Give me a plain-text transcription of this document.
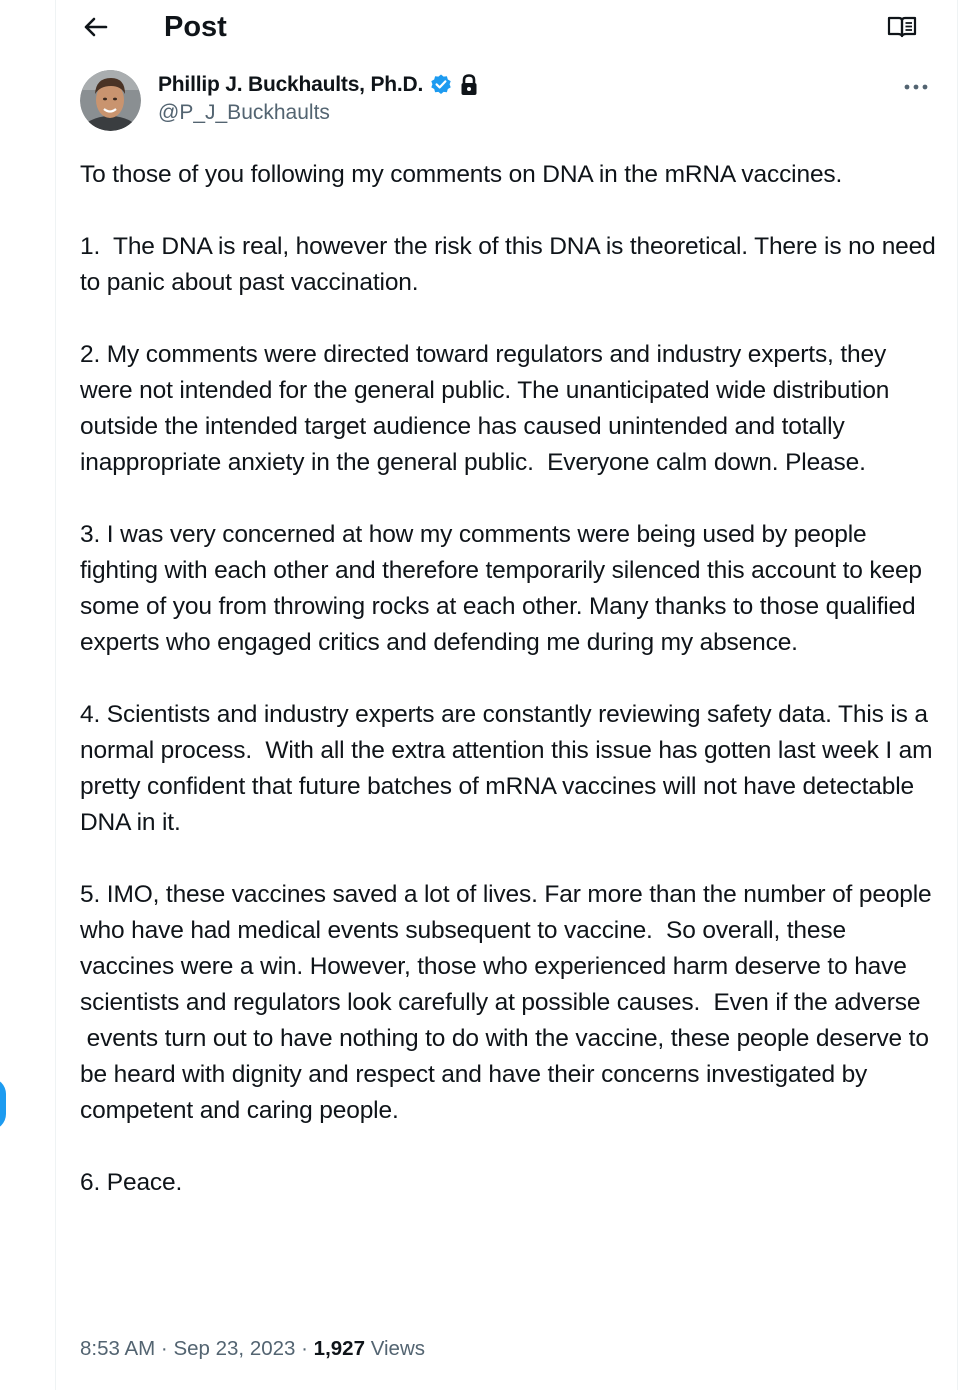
Post
Phillip J. Buckhaults, Ph.D.
@P_J_Buckhaults

To those of you following my comments on DNA in the mRNA vaccines.

1.  The DNA is real, however the risk of this DNA is theoretical. There is no need to panic about past vaccination.

2. My comments were directed toward regulators and industry experts, they were not intended for the general public. The unanticipated wide distribution outside the intended target audience has caused unintended and totally inappropriate anxiety in the general public.  Everyone calm down. Please.

3. I was very concerned at how my comments were being used by people fighting with each other and therefore temporarily silenced this account to keep some of you from throwing rocks at each other. Many thanks to those qualified experts who engaged critics and defending me during my absence.

4. Scientists and industry experts are constantly reviewing safety data. This is a normal process.  With all the extra attention this issue has gotten last week I am pretty confident that future batches of mRNA vaccines will not have detectable DNA in it.

5. IMO, these vaccines saved a lot of lives. Far more than the number of people who have had medical events subsequent to vaccine.  So overall, these vaccines were a win. However, those who experienced harm deserve to have scientists and regulators look carefully at possible causes.  Even if the adverse
events turn out to have nothing to do with the vaccine, these people deserve to be heard with dignity and respect and have their concerns investigated by competent and caring people.

6. Peace.

8:53 AM · Sep 23, 2023 · 1,927 Views
